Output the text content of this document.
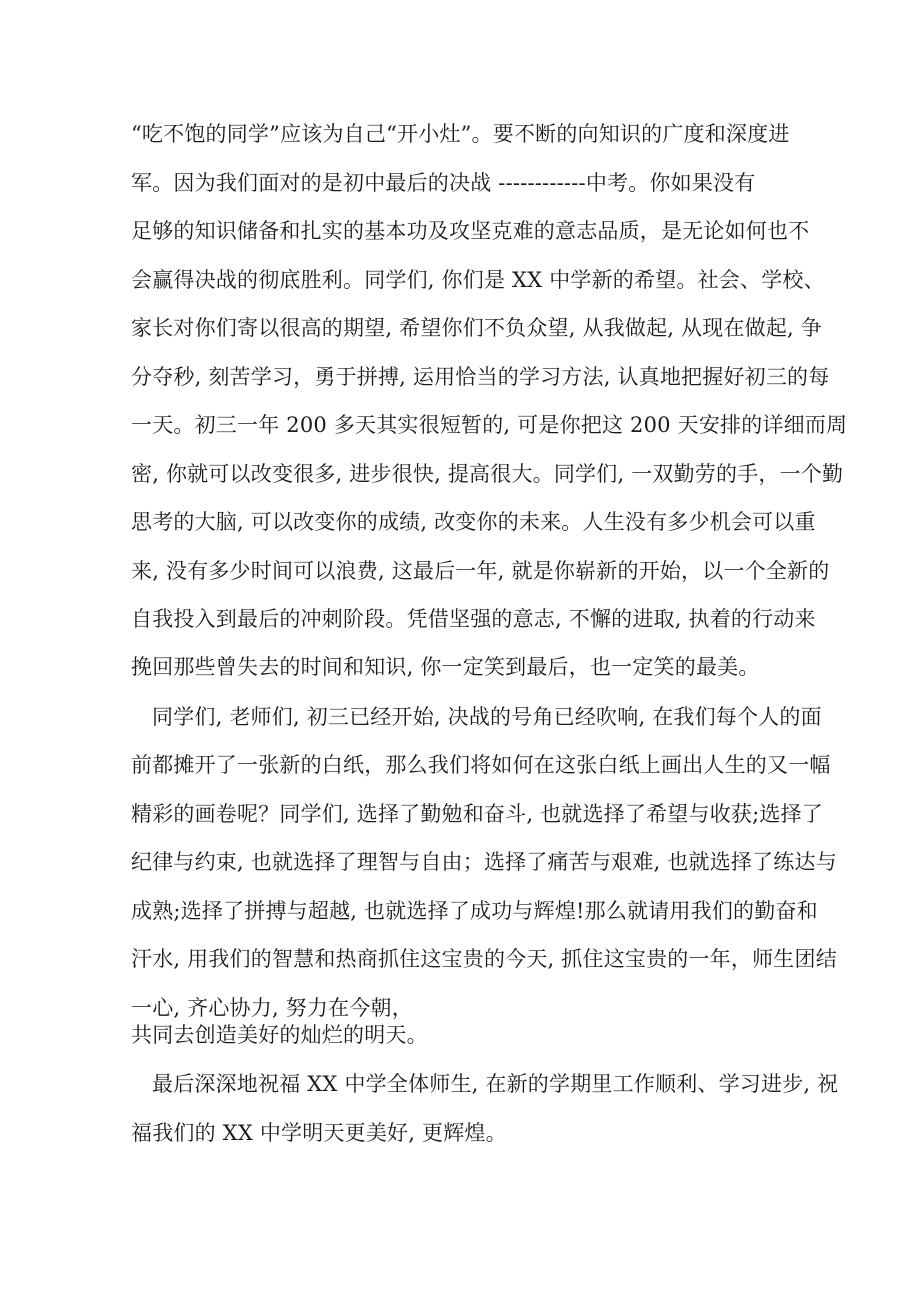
“吃不饱的同学”应该为自己“开小灶”。要不断的向知识的广度和深度进
军。因为我们面对的是初中最后的决战 ------------中考。你如果没有
足够的知识储备和扎实的基本功及攻坚克难的意志品质，是无论如何也不
会赢得决战的彻底胜利。同学们, 你们是 XX 中学新的希望。社会、学校、
家长对你们寄以很高的期望, 希望你们不负众望, 从我做起, 从现在做起, 争
分夺秒, 刻苦学习，勇于拼搏, 运用恰当的学习方法, 认真地把握好初三的每
一天。初三一年 200 多天其实很短暂的, 可是你把这 200 天安排的详细而周
密, 你就可以改变很多, 进步很快, 提高很大。同学们, 一双勤劳的手，一个勤
思考的大脑, 可以改变你的成绩, 改变你的未来。人生没有多少机会可以重
来, 没有多少时间可以浪费, 这最后一年, 就是你崭新的开始，以一个全新的
自我投入到最后的冲刺阶段。凭借坚强的意志, 不懈的进取, 执着的行动来
挽回那些曾失去的时间和知识, 你一定笑到最后，也一定笑的最美。
同学们, 老师们, 初三已经开始, 决战的号角已经吹响, 在我们每个人的面
前都摊开了一张新的白纸，那么我们将如何在这张白纸上画出人生的又一幅
精彩的画卷呢？同学们, 选择了勤勉和奋斗, 也就选择了希望与收获;选择了
纪律与约束, 也就选择了理智与自由；选择了痛苦与艰难, 也就选择了练达与
成熟;选择了拼搏与超越, 也就选择了成功与辉煌!那么就请用我们的勤奋和
汗水, 用我们的智慧和热商抓住这宝贵的今天, 抓住这宝贵的一年，师生团结
一心, 齐心协力, 努力在今朝，
共同去创造美好的灿烂的明天。
最后深深地祝福 XX 中学全体师生, 在新的学期里工作顺利、学习进步, 祝
福我们的 XX 中学明天更美好, 更辉煌。
